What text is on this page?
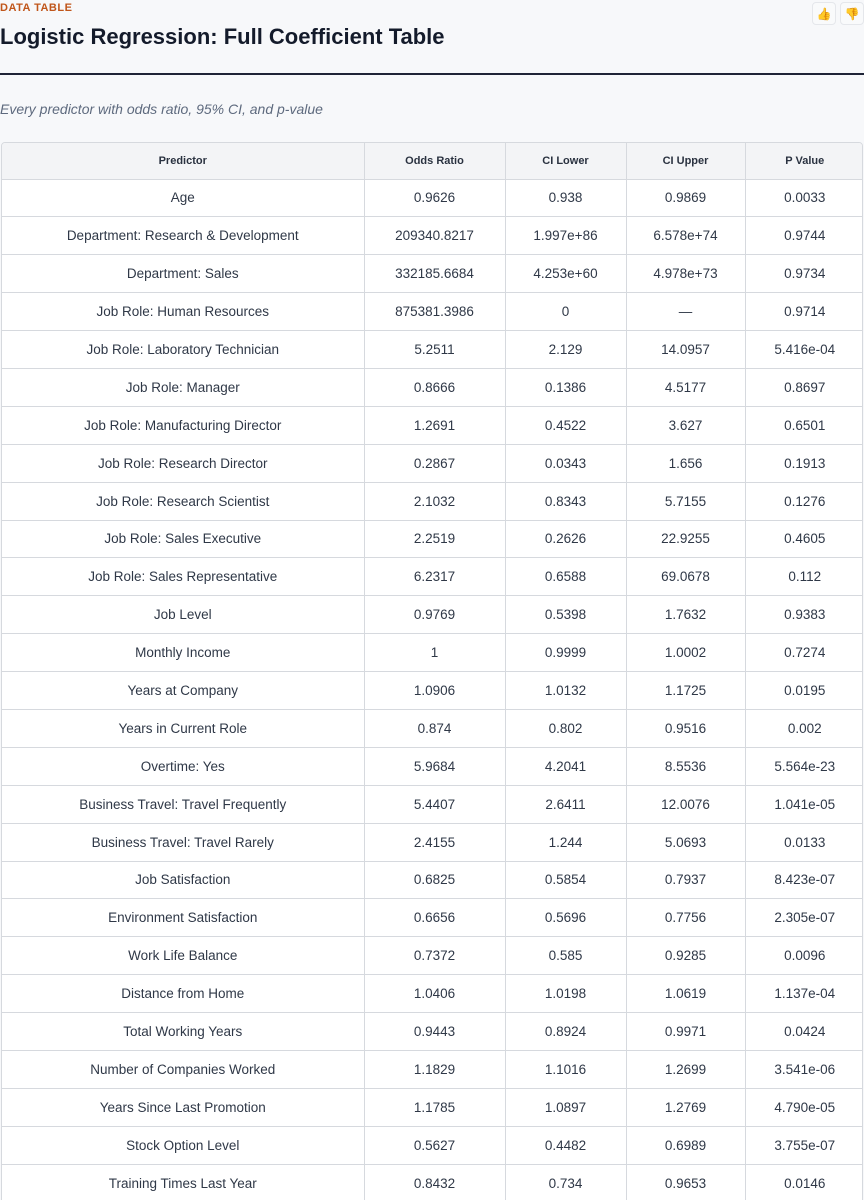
DATA TABLE
Logistic Regression: Full Coefficient Table
👍 👎

Every predictor with odds ratio, 95% CI, and p-value

Predictor	Odds Ratio	CI Lower	CI Upper	P Value
Age	0.9626	0.938	0.9869	0.0033
Department: Research & Development	209340.8217	1.997e+86	6.578e+74	0.9744
Department: Sales	332185.6684	4.253e+60	4.978e+73	0.9734
Job Role: Human Resources	875381.3986	0	—	0.9714
Job Role: Laboratory Technician	5.2511	2.129	14.0957	5.416e-04
Job Role: Manager	0.8666	0.1386	4.5177	0.8697
Job Role: Manufacturing Director	1.2691	0.4522	3.627	0.6501
Job Role: Research Director	0.2867	0.0343	1.656	0.1913
Job Role: Research Scientist	2.1032	0.8343	5.7155	0.1276
Job Role: Sales Executive	2.2519	0.2626	22.9255	0.4605
Job Role: Sales Representative	6.2317	0.6588	69.0678	0.112
Job Level	0.9769	0.5398	1.7632	0.9383
Monthly Income	1	0.9999	1.0002	0.7274
Years at Company	1.0906	1.0132	1.1725	0.0195
Years in Current Role	0.874	0.802	0.9516	0.002
Overtime: Yes	5.9684	4.2041	8.5536	5.564e-23
Business Travel: Travel Frequently	5.4407	2.6411	12.0076	1.041e-05
Business Travel: Travel Rarely	2.4155	1.244	5.0693	0.0133
Job Satisfaction	0.6825	0.5854	0.7937	8.423e-07
Environment Satisfaction	0.6656	0.5696	0.7756	2.305e-07
Work Life Balance	0.7372	0.585	0.9285	0.0096
Distance from Home	1.0406	1.0198	1.0619	1.137e-04
Total Working Years	0.9443	0.8924	0.9971	0.0424
Number of Companies Worked	1.1829	1.1016	1.2699	3.541e-06
Years Since Last Promotion	1.1785	1.0897	1.2769	4.790e-05
Stock Option Level	0.5627	0.4482	0.6989	3.755e-07
Training Times Last Year	0.8432	0.734	0.9653	0.0146
